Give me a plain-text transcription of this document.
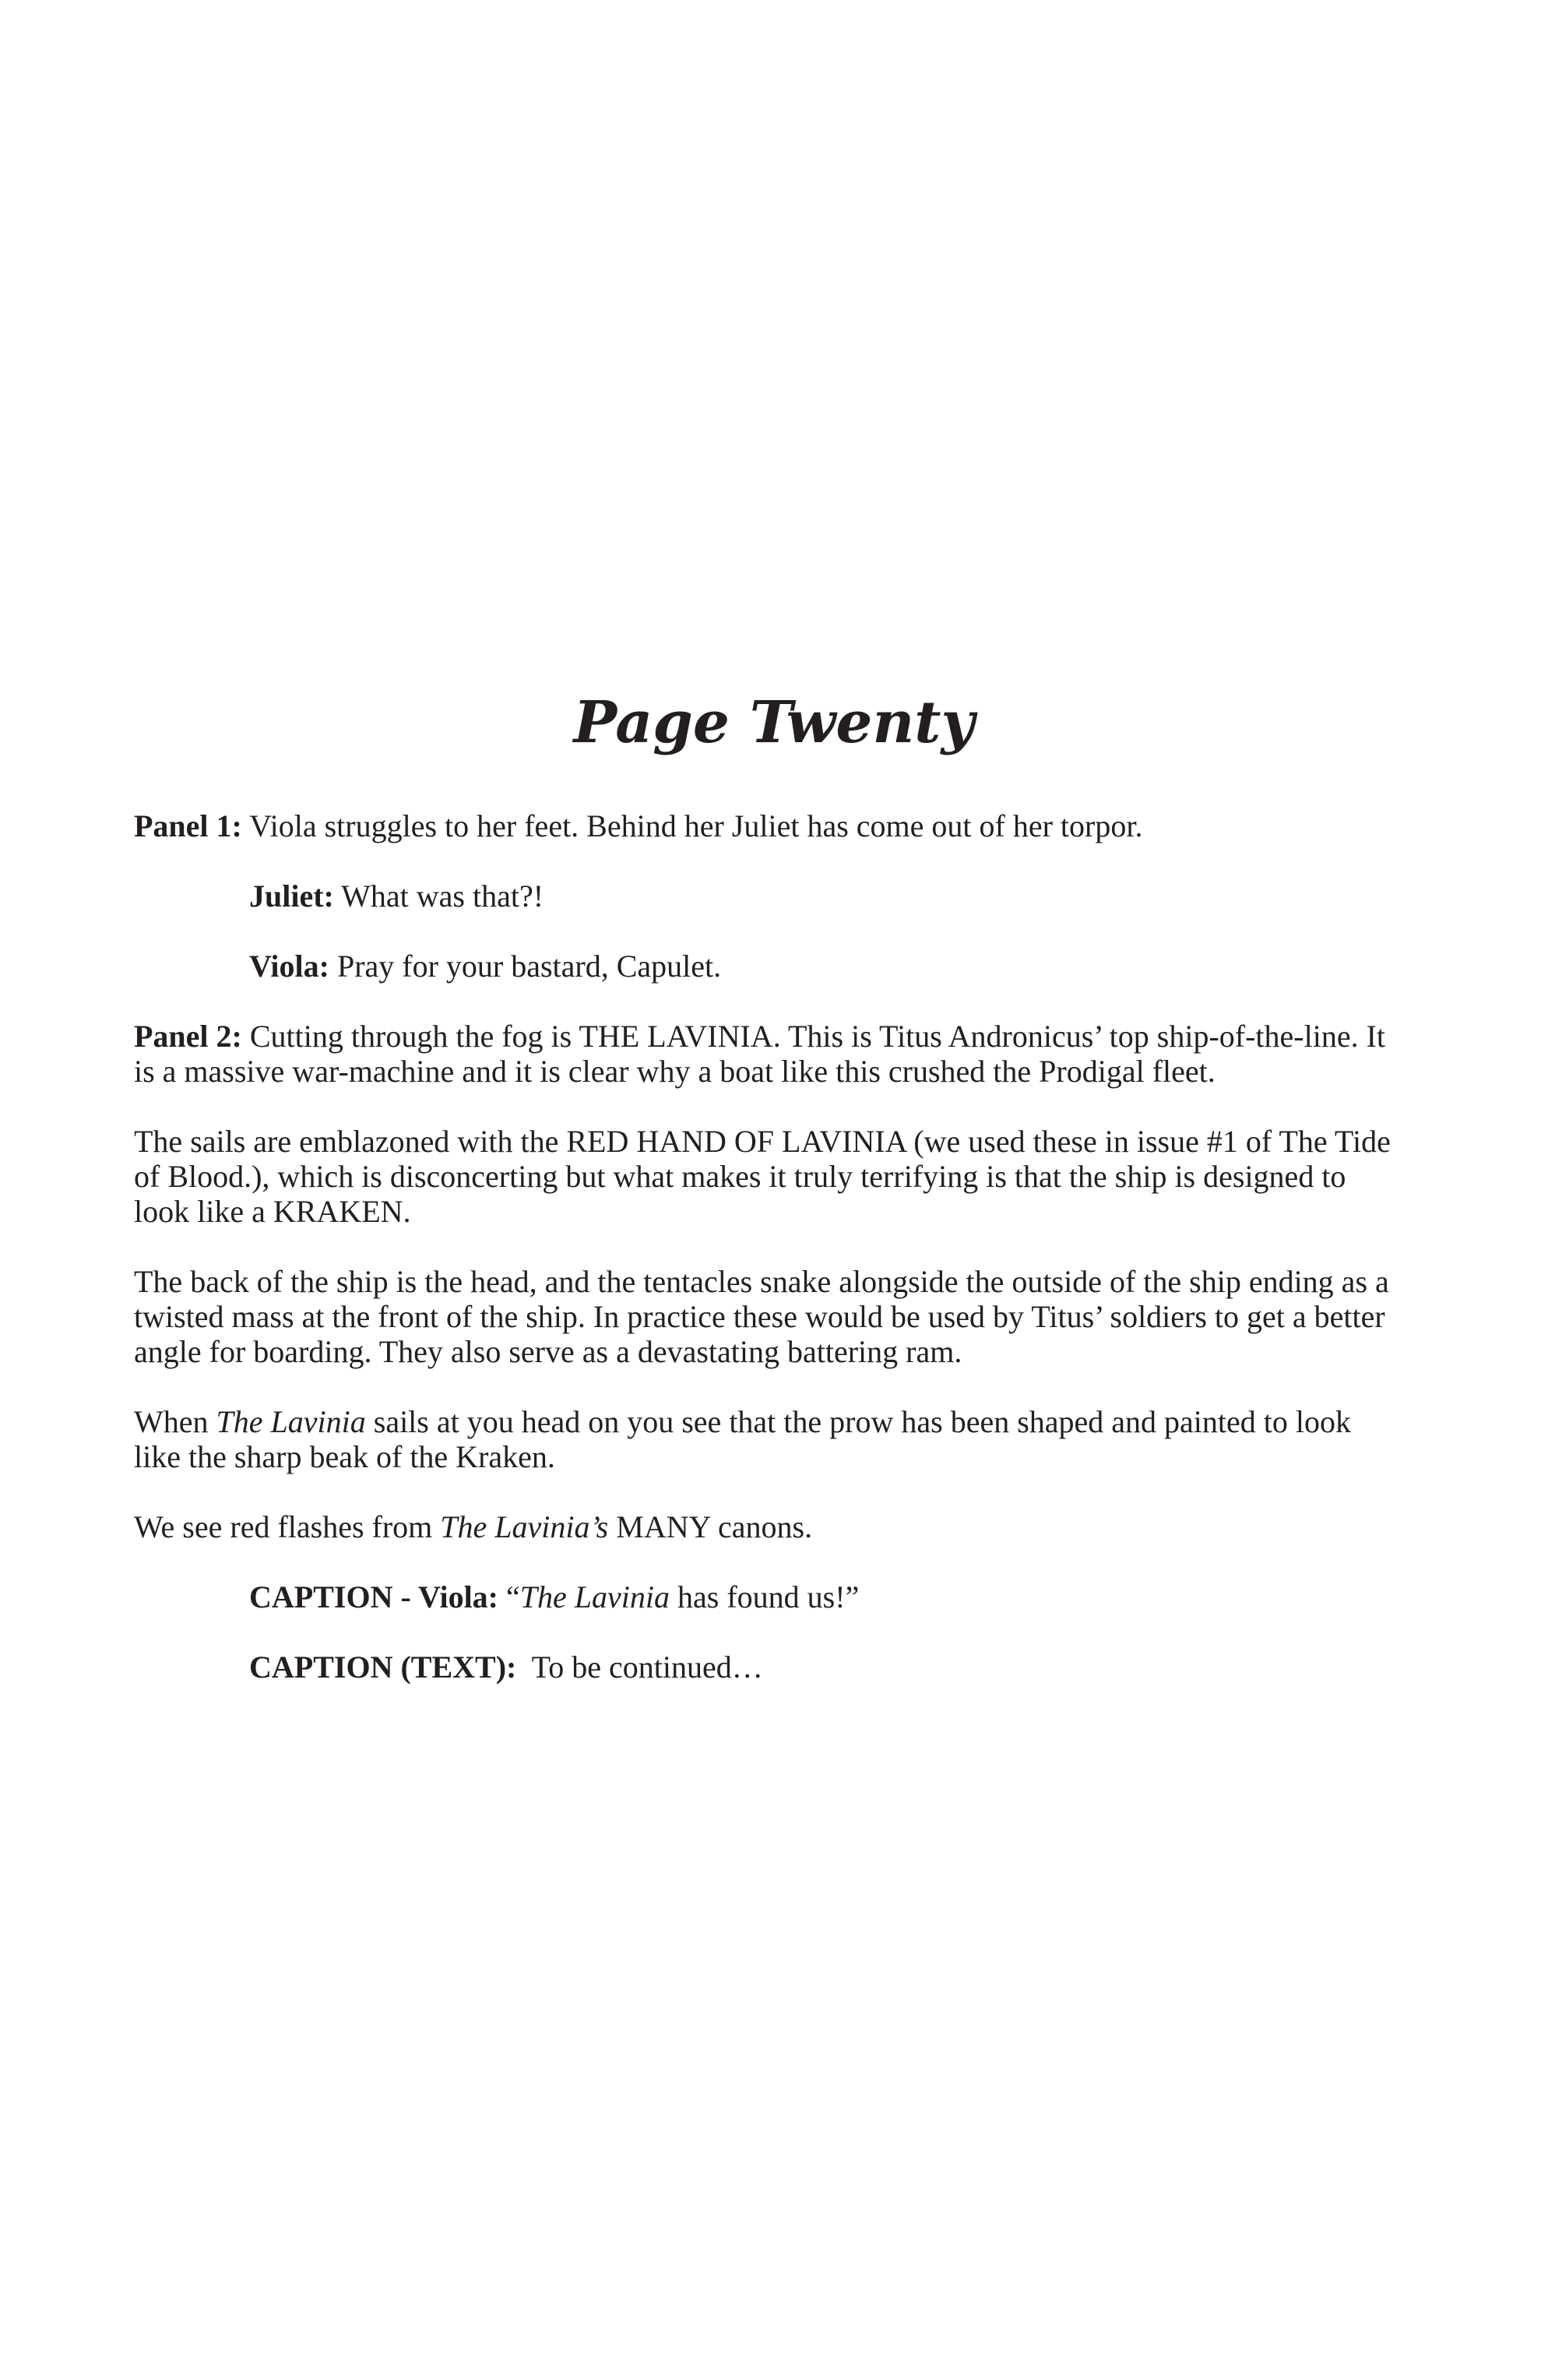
Page Twenty

Panel 1: Viola struggles to her feet. Behind her Juliet has come out of her torpor.

Juliet: What was that?!

Viola: Pray for your bastard, Capulet.

Panel 2: Cutting through the fog is THE LAVINIA. This is Titus Andronicus’ top ship-of-the-line. It is a massive war-machine and it is clear why a boat like this crushed the Prodigal fleet.

The sails are emblazoned with the RED HAND OF LAVINIA (we used these in issue #1 of The Tide of Blood.), which is disconcerting but what makes it truly terrifying is that the ship is designed to look like a KRAKEN.

The back of the ship is the head, and the tentacles snake alongside the outside of the ship ending as a twisted mass at the front of the ship. In practice these would be used by Titus’ soldiers to get a better angle for boarding. They also serve as a devastating battering ram.

When The Lavinia sails at you head on you see that the prow has been shaped and painted to look like the sharp beak of the Kraken.

We see red flashes from The Lavinia’s MANY canons.

CAPTION - Viola: “The Lavinia has found us!”

CAPTION (TEXT):  To be continued…
